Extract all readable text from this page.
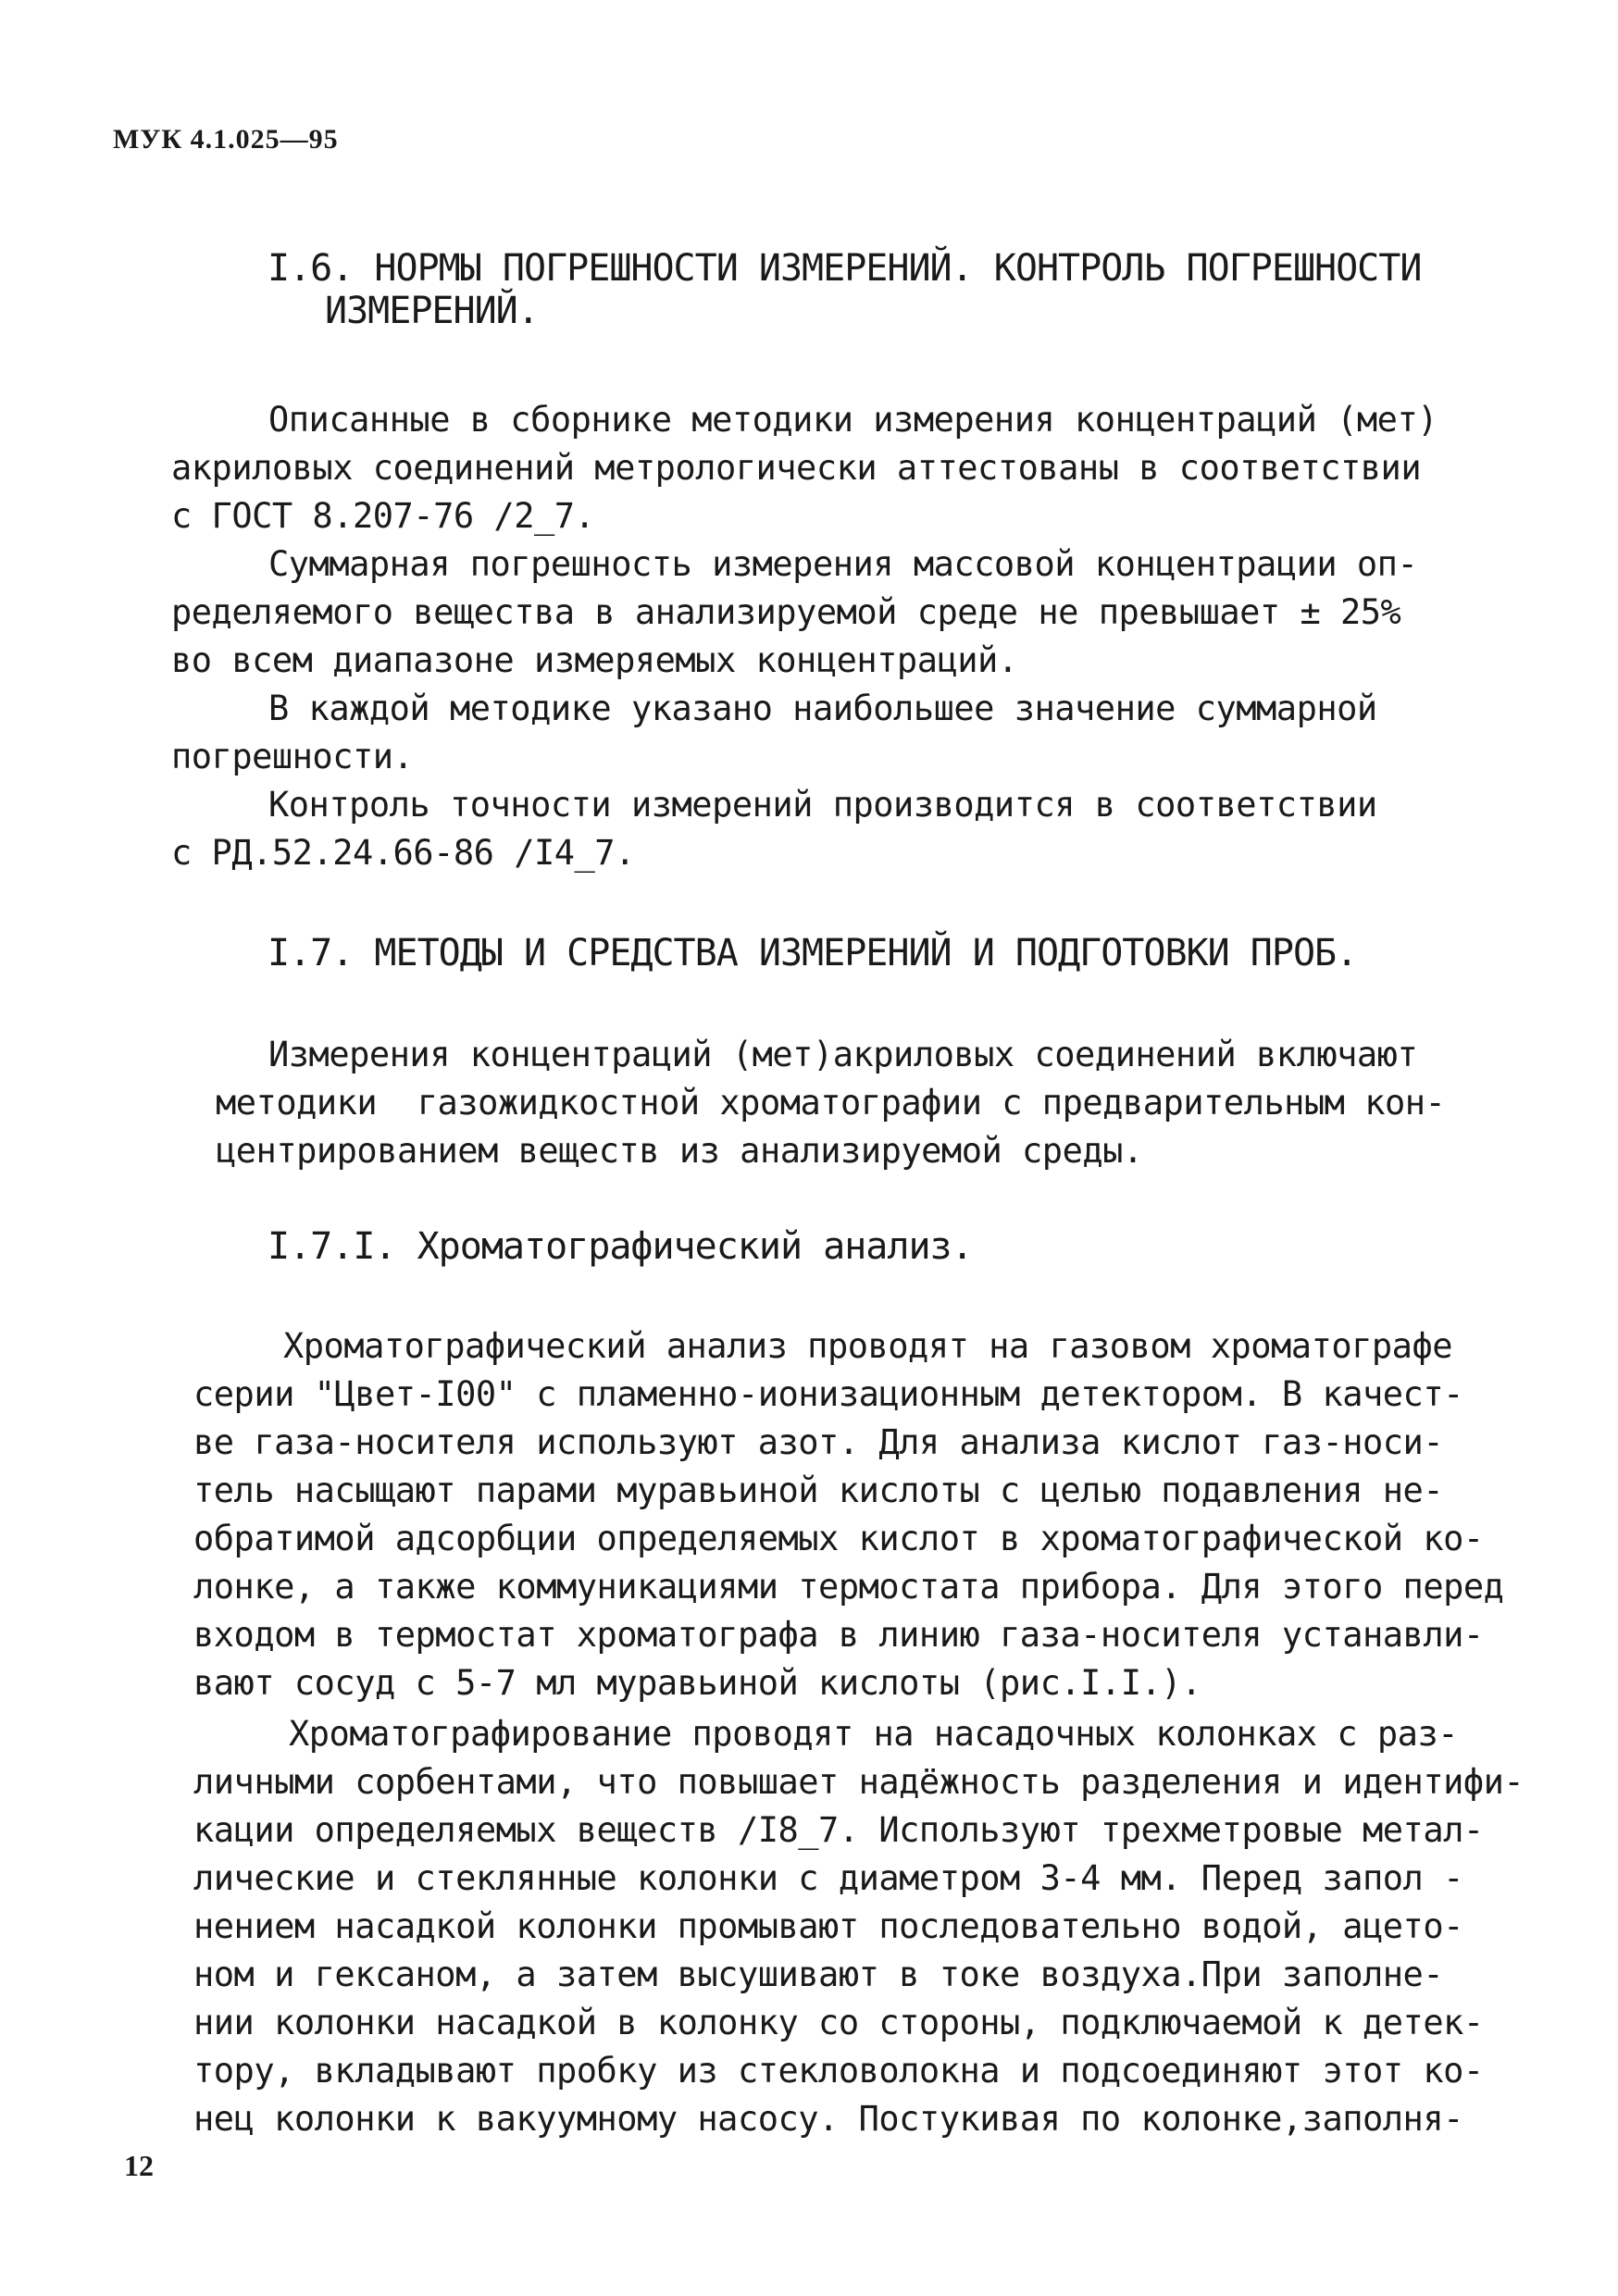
МУК 4.1.025—95
I.6. НОРМЫ ПОГРЕШНОСТИ ИЗМЕРЕНИЙ. КОНТРОЛЬ ПОГРЕШНОСТИ
ИЗМЕРЕНИЙ.
Описанные в сборнике методики измерения концентраций (мет)
акриловых соединений метрологически аттестованы в соответствии
с ГОСТ 8.207-76 /2_7.
Суммарная погрешность измерения массовой концентрации оп-
ределяемого вещества в анализируемой среде не превышает ± 25%
во всем диапазоне измеряемых концентраций.
В каждой методике указано наибольшее значение суммарной
погрешности.
Контроль точности измерений производится в соответствии
с РД.52.24.66-86 /I4_7.
I.7. МЕТОДЫ И СРЕДСТВА ИЗМЕРЕНИЙ И ПОДГОТОВКИ ПРОБ.
Измерения концентраций (мет)акриловых соединений включают
методики  газожидкостной хроматографии с предварительным кон-
центрированием веществ из анализируемой среды.
I.7.I. Хроматографический анализ.
Хроматографический анализ проводят на газовом хроматографе
серии "Цвет-I00" с пламенно-ионизационным детектором. В качест-
ве газа-носителя используют азот. Для анализа кислот газ-носи-
тель насыщают парами муравьиной кислоты с целью подавления не-
обратимой адсорбции определяемых кислот в хроматографической ко-
лонке, а также коммуникациями термостата прибора. Для этого перед
входом в термостат хроматографа в линию газа-носителя устанавли-
вают сосуд с 5-7 мл муравьиной кислоты (рис.I.I.).
Хроматографирование проводят на насадочных колонках с раз-
личными сорбентами, что повышает надёжность разделения и идентифи-
кации определяемых веществ /I8_7. Используют трехметровые метал-
лические и стеклянные колонки с диаметром 3-4 мм. Перед запол -
нением насадкой колонки промывают последовательно водой, ацето-
ном и гексаном, а затем высушивают в токе воздуха.При заполне-
нии колонки насадкой в колонку со стороны, подключаемой к детек-
тору, вкладывают пробку из стекловолокна и подсоединяют этот ко-
нец колонки к вакуумному насосу. Постукивая по колонке,заполня-
12
